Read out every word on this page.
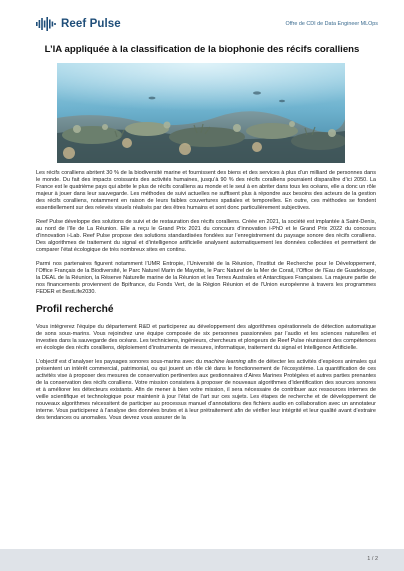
Reef Pulse	Offre de CDI de Data Engineer MLOps
L’IA appliquée à la classification de la biophonie des récifs coralliens

Les récifs coralliens abritent 30 % de la biodiversité marine et fournissent des biens et des services à plus d’un milliard de personnes dans le monde. Du fait des impacts croissants des activités humaines, jusqu’à 90 % des récifs coralliens pourraient disparaître d’ici 2050. La France est le quatrième pays qui abrite le plus de récifs coralliens au monde et le seul à en abriter dans tous les océans, elle a donc un rôle majeur à jouer dans leur sauvegarde. Les méthodes de suivi actuelles ne suffisent plus à répondre aux besoins des acteurs de la gestion des récifs coralliens, notamment en raison de leurs faibles couvertures spatiales et temporelles. En outre, ces méthodes se fondent essentiellement sur des relevés visuels réalisés par des êtres humains et sont donc particulièrement subjectives.

Reef Pulse développe des solutions de suivi et de restauration des récifs coralliens. Créée en 2021, la société est implantée à Saint-Denis, au nord de l’île de La Réunion. Elle a reçu le Grand Prix 2021 du concours d’innovation i-PhD et le Grand Prix 2022 du concours d’innovation i-Lab. Reef Pulse propose des solutions standardisées fondées sur l’enregistrement du paysage sonore des récifs coralliens. Des algorithmes de traitement du signal et d’intelligence artificielle analysent automatiquement les données collectées et permettent de comparer l’état écologique de très nombreux sites en continu.

Parmi nos partenaires figurent notamment l’UMR Entropie, l’Université de la Réunion, l’Institut de Recherche pour le Développement, l’Office Français de la Biodiversité, le Parc Naturel Marin de Mayotte, le Parc Naturel de la Mer de Corail, l’Office de l’Eau de Guadeloupe, la DEAL de la Réunion, la Réserve Naturelle marine de la Réunion et les Terres Australes et Antarctiques Françaises. La majeure partie de nos financements proviennent de Bpifrance, du Fonds Vert, de la Région Réunion et de l’Union européenne à travers les programmes FEDER et BestLife2030.

Profil recherché

Vous intégrerez l’équipe du département R&D et participerez au développement des algorithmes opérationnels de détection automatique de sons sous-marins. Vous rejoindrez une équipe composée de six personnes passionnées par l’audio et les sciences naturelles et investies dans la sauvegarde des océans. Les techniciens, ingénieurs, chercheurs et plongeurs de Reef Pulse réunissent des compétences en écologie des récifs coralliens, déploiement d’instruments de mesures, informatique, traitement du signal et Intelligence Artificielle.

L’objectif est d’analyser les paysages sonores sous-marins avec du machine learning afin de détecter les activités d’espèces animales qui présentent un intérêt commercial, patrimonial, ou qui jouent un rôle clé dans le fonctionnement de l’écosystème. La quantification de ces activités vise à proposer des mesures de conservation pertinentes aux gestionnaires d’Aires Marines Protégées et autres parties prenantes de la conservation des récifs coralliens. Votre mission consistera à proposer de nouveaux algorithmes d’identification des sources sonores et à améliorer les détecteurs existants. Afin de mener à bien votre mission, il sera nécessaire de contribuer aux ressources internes de veille scientifique et technologique pour maintenir à jour l’état de l’art sur ces sujets. Les étapes de recherche et de développement de nouveaux algorithmes nécessitent de participer au processus manuel d’annotations des fichiers audio en collaboration avec un annotateur interne. Vous participerez à l’analyse des données brutes et à leur prétraitement afin de vérifier leur intégrité et leur qualité avant d’extraire des tendances ou anomalies. Vous devrez vous assurer de la

1 / 2
